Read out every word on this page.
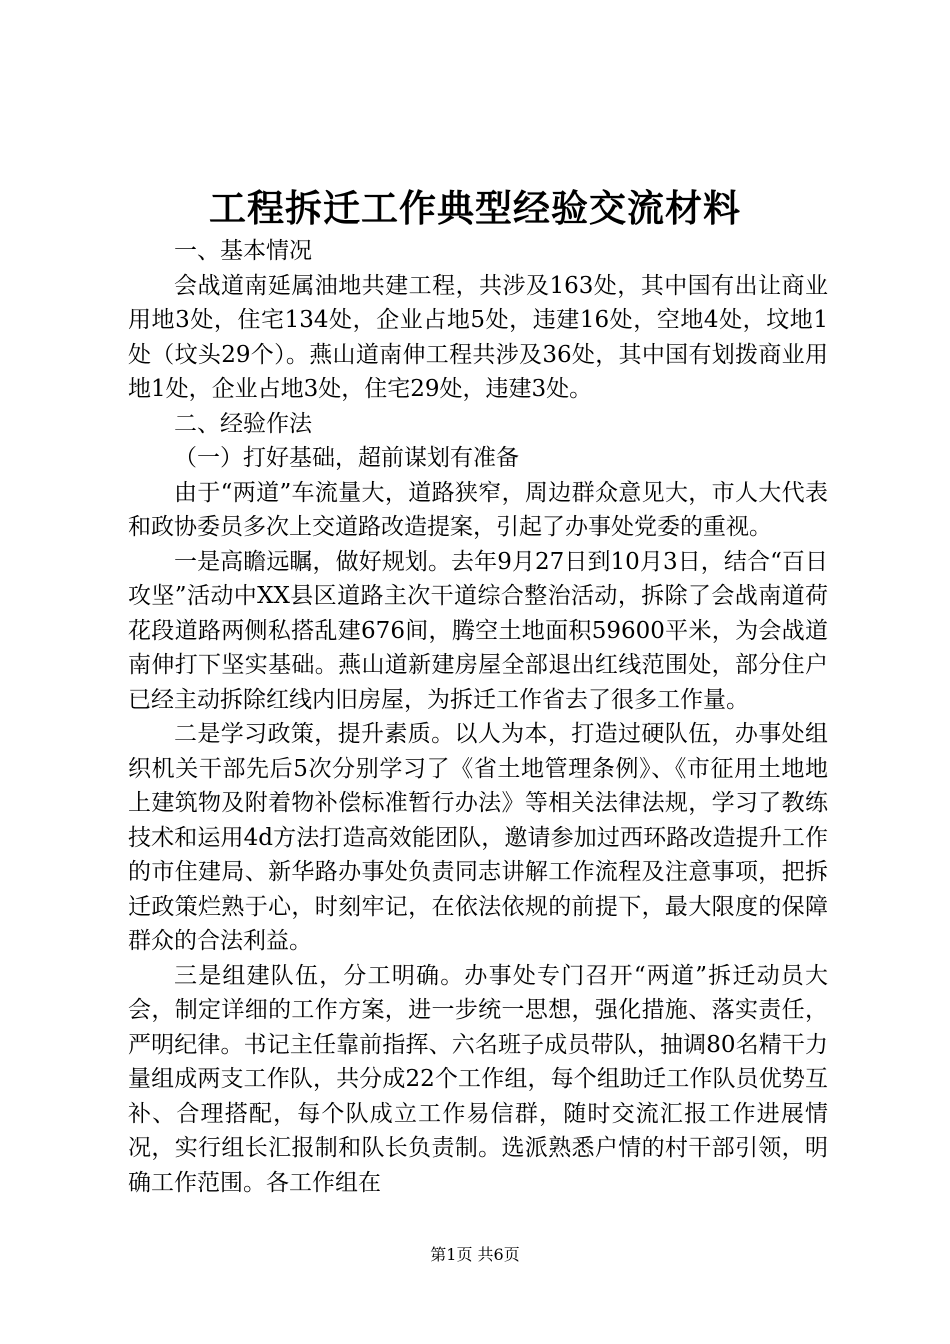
工程拆迁工作典型经验交流材料
一、基本情况
会战道南延属油地共建工程，共涉及163处，其中国有出让商业用地3处，住宅134处，企业占地5处，违建16处，空地4处，坟地1处（坟头29个）。燕山道南伸工程共涉及36处，其中国有划拨商业用地1处，企业占地3处，住宅29处，违建3处。
二、经验作法
（一）打好基础，超前谋划有准备
由于“两道”车流量大，道路狭窄，周边群众意见大，市人大代表和政协委员多次上交道路改造提案，引起了办事处党委的重视。
一是高瞻远瞩，做好规划。去年9月27日到10月3日，结合“百日攻坚”活动中XX县区道路主次干道综合整治活动，拆除了会战南道荷花段道路两侧私搭乱建676间，腾空土地面积59600平米，为会战道南伸打下坚实基础。燕山道新建房屋全部退出红线范围处，部分住户已经主动拆除红线内旧房屋，为拆迁工作省去了很多工作量。
二是学习政策，提升素质。以人为本，打造过硬队伍，办事处组织机关干部先后5次分别学习了《省土地管理条例》、《市征用土地地上建筑物及附着物补偿标准暂行办法》等相关法律法规，学习了教练技术和运用4d方法打造高效能团队，邀请参加过西环路改造提升工作的市住建局、新华路办事处负责同志讲解工作流程及注意事项，把拆迁政策烂熟于心，时刻牢记，在依法依规的前提下，最大限度的保障群众的合法利益。
三是组建队伍，分工明确。办事处专门召开“两道”拆迁动员大会，制定详细的工作方案，进一步统一思想，强化措施、落实责任，严明纪律。书记主任靠前指挥、六名班子成员带队，抽调80名精干力量组成两支工作队，共分成22个工作组，每个组助迁工作队员优势互补、合理搭配，每个队成立工作易信群，随时交流汇报工作进展情况，实行组长汇报制和队长负责制。选派熟悉户情的村干部引领，明确工作范围。各工作组在
第1页 共6页
